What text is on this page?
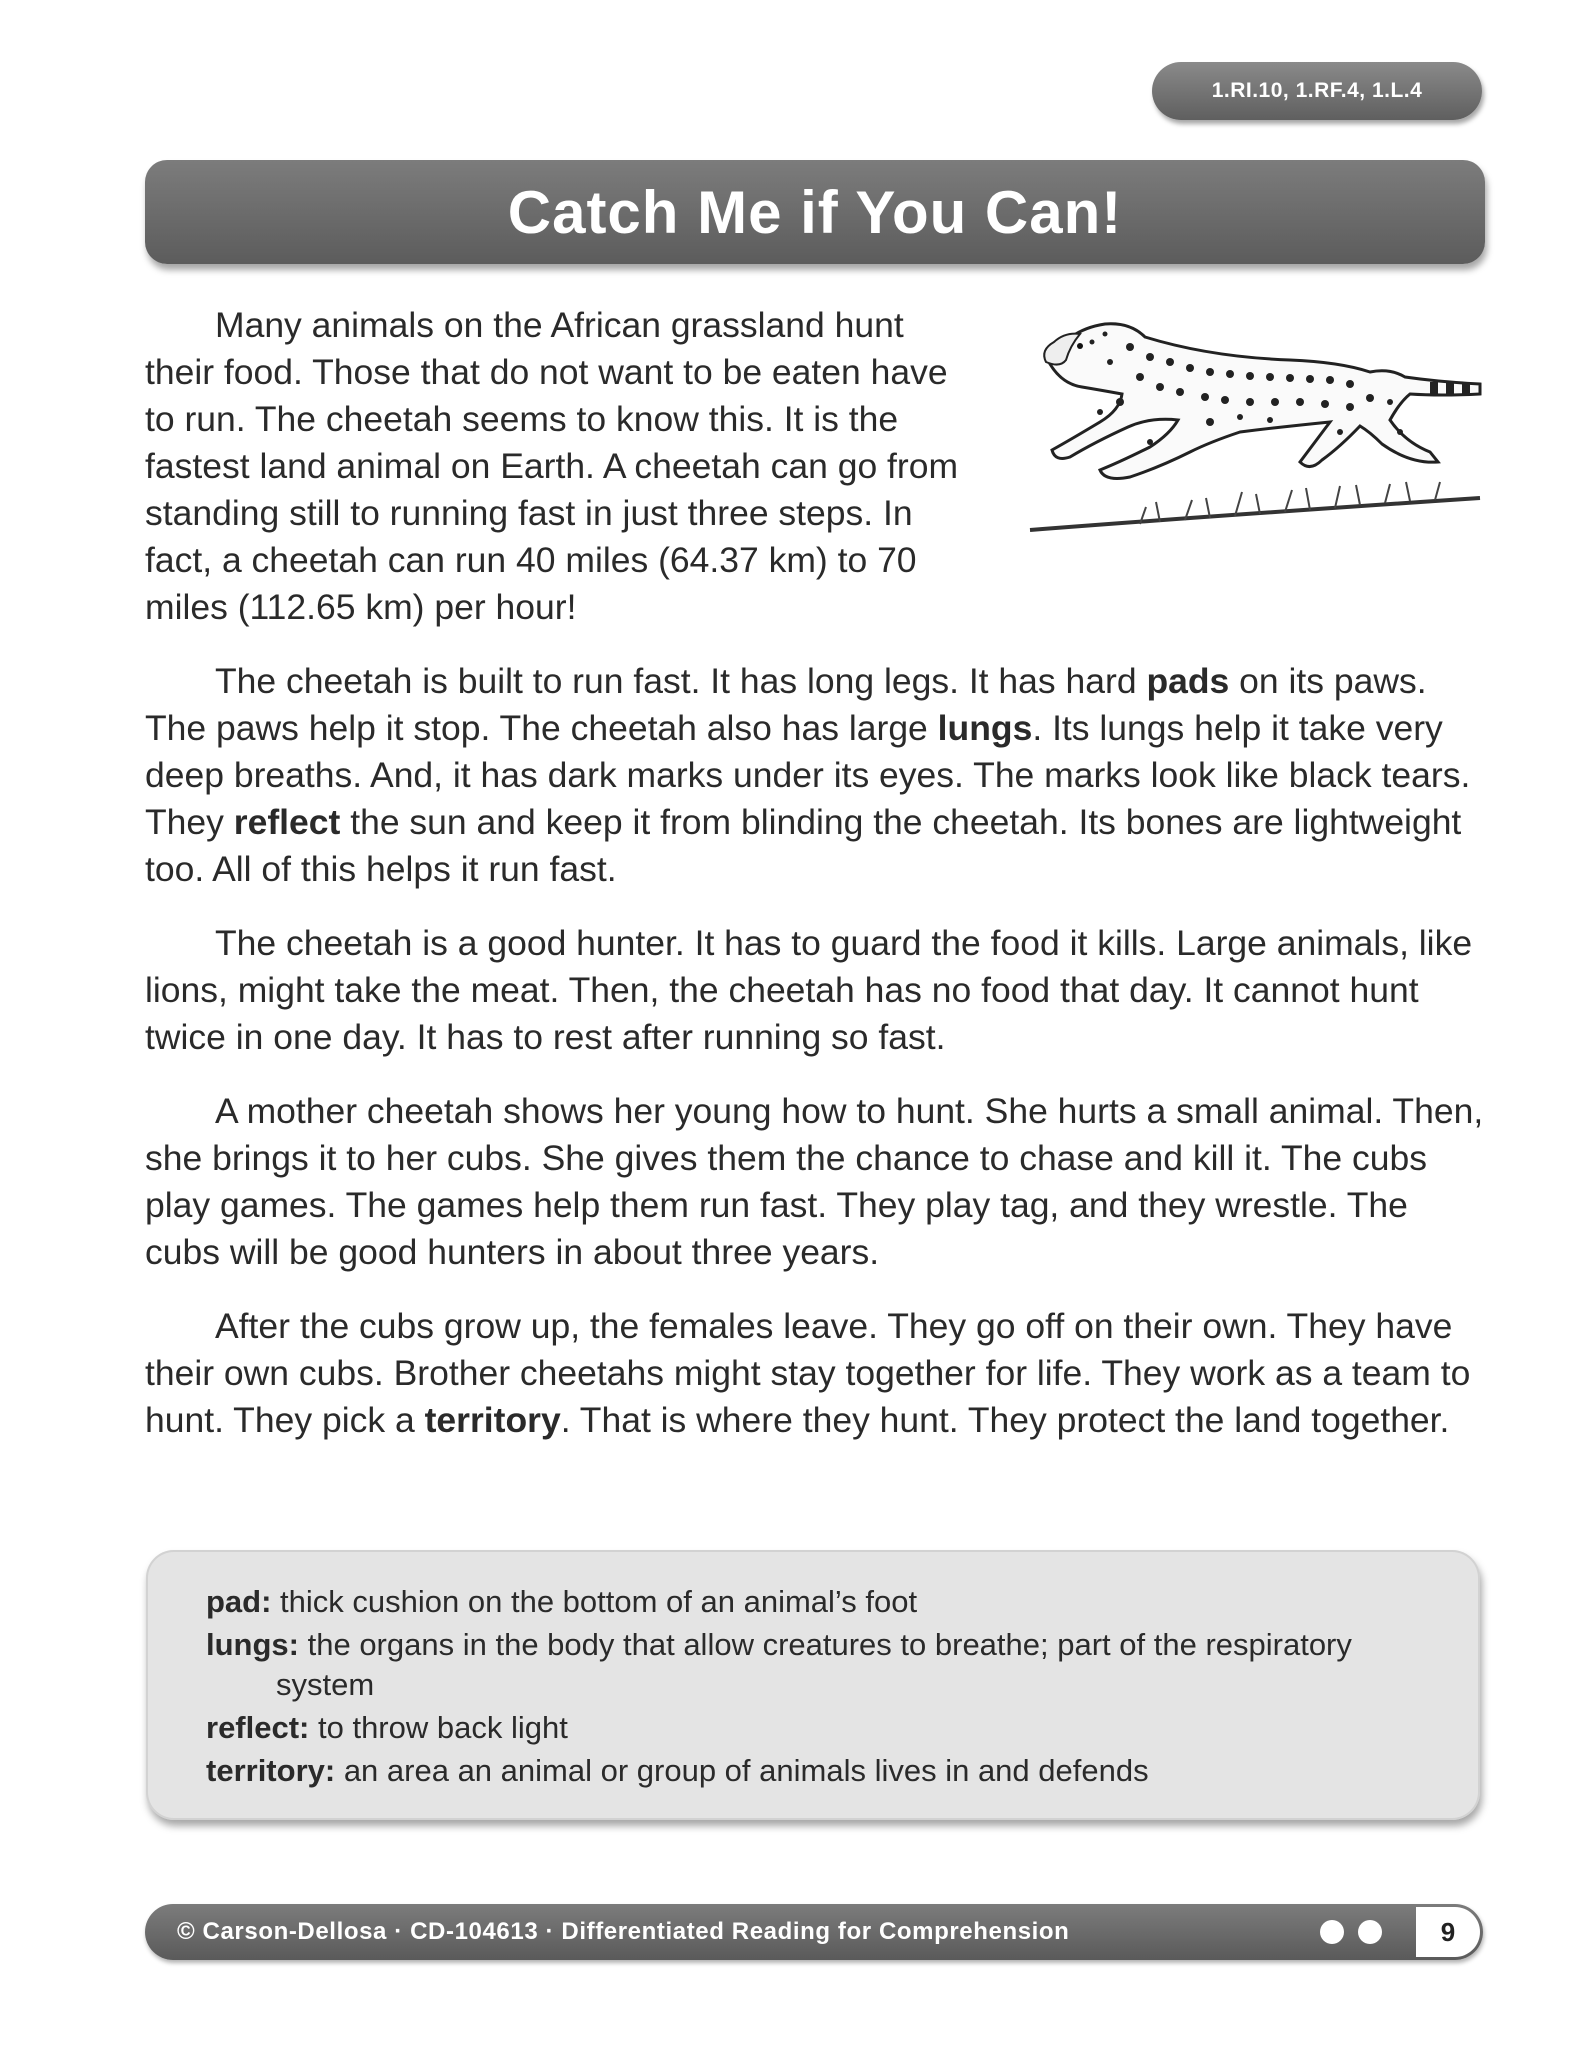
1.RI.10, 1.RF.4, 1.L.4
Catch Me if You Can!

Many animals on the African grassland hunt their food. Those that do not want to be eaten have to run. The cheetah seems to know this. It is the fastest land animal on Earth. A cheetah can go from standing still to running fast in just three steps. In fact, a cheetah can run 40 miles (64.37 km) to 70 miles (112.65 km) per hour!

The cheetah is built to run fast. It has long legs. It has hard pads on its paws. The paws help it stop. The cheetah also has large lungs. Its lungs help it take very deep breaths. And, it has dark marks under its eyes. The marks look like black tears. They reflect the sun and keep it from blinding the cheetah. Its bones are lightweight too. All of this helps it run fast.

The cheetah is a good hunter. It has to guard the food it kills. Large animals, like lions, might take the meat. Then, the cheetah has no food that day. It cannot hunt twice in one day. It has to rest after running so fast.

A mother cheetah shows her young how to hunt. She hurts a small animal. Then, she brings it to her cubs. She gives them the chance to chase and kill it. The cubs play games. The games help them run fast. They play tag, and they wrestle. The cubs will be good hunters in about three years.

After the cubs grow up, the females leave. They go off on their own. They have their own cubs. Brother cheetahs might stay together for life. They work as a team to hunt. They pick a territory. That is where they hunt. They protect the land together.

pad: thick cushion on the bottom of an animal’s foot
lungs: the organs in the body that allow creatures to breathe; part of the respiratory system
reflect: to throw back light
territory: an area an animal or group of animals lives in and defends
© Carson-Dellosa · CD-104613 · Differentiated Reading for Comprehension	9
